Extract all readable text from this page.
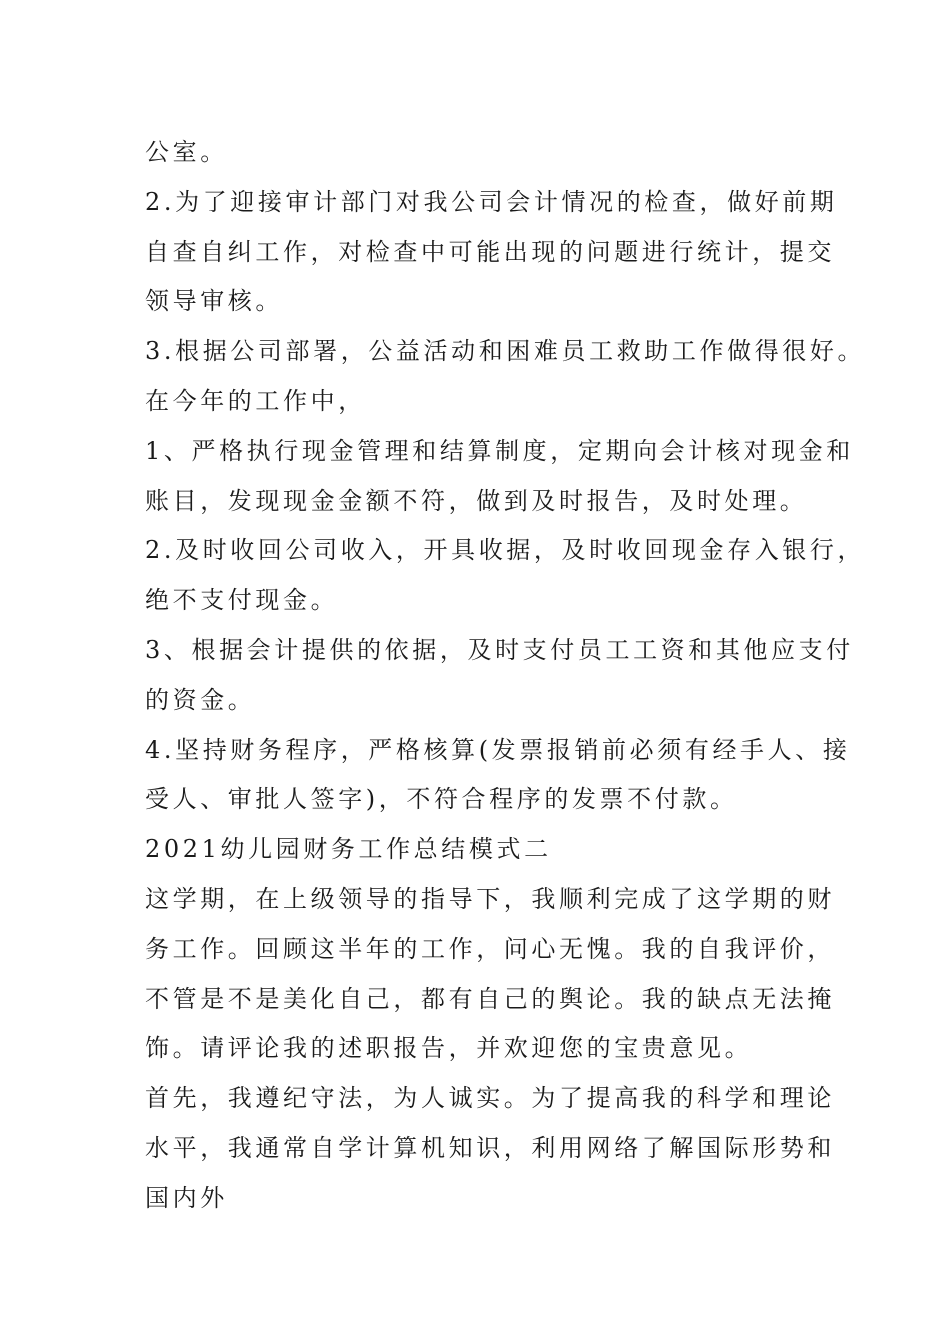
公室。
2.为了迎接审计部门对我公司会计情况的检查，做好前期
自查自纠工作，对检查中可能出现的问题进行统计，提交
领导审核。
3.根据公司部署，公益活动和困难员工救助工作做得很好。
在今年的工作中，
1、严格执行现金管理和结算制度，定期向会计核对现金和
账目，发现现金金额不符，做到及时报告，及时处理。
2.及时收回公司收入，开具收据，及时收回现金存入银行，
绝不支付现金。
3、根据会计提供的依据，及时支付员工工资和其他应支付
的资金。
4.坚持财务程序，严格核算(发票报销前必须有经手人、接
受人、审批人签字)，不符合程序的发票不付款。
2021幼儿园财务工作总结模式二
这学期，在上级领导的指导下，我顺利完成了这学期的财
务工作。回顾这半年的工作，问心无愧。我的自我评价，
不管是不是美化自己，都有自己的舆论。我的缺点无法掩
饰。请评论我的述职报告，并欢迎您的宝贵意见。
首先，我遵纪守法，为人诚实。为了提高我的科学和理论
水平，我通常自学计算机知识，利用网络了解国际形势和
国内外
